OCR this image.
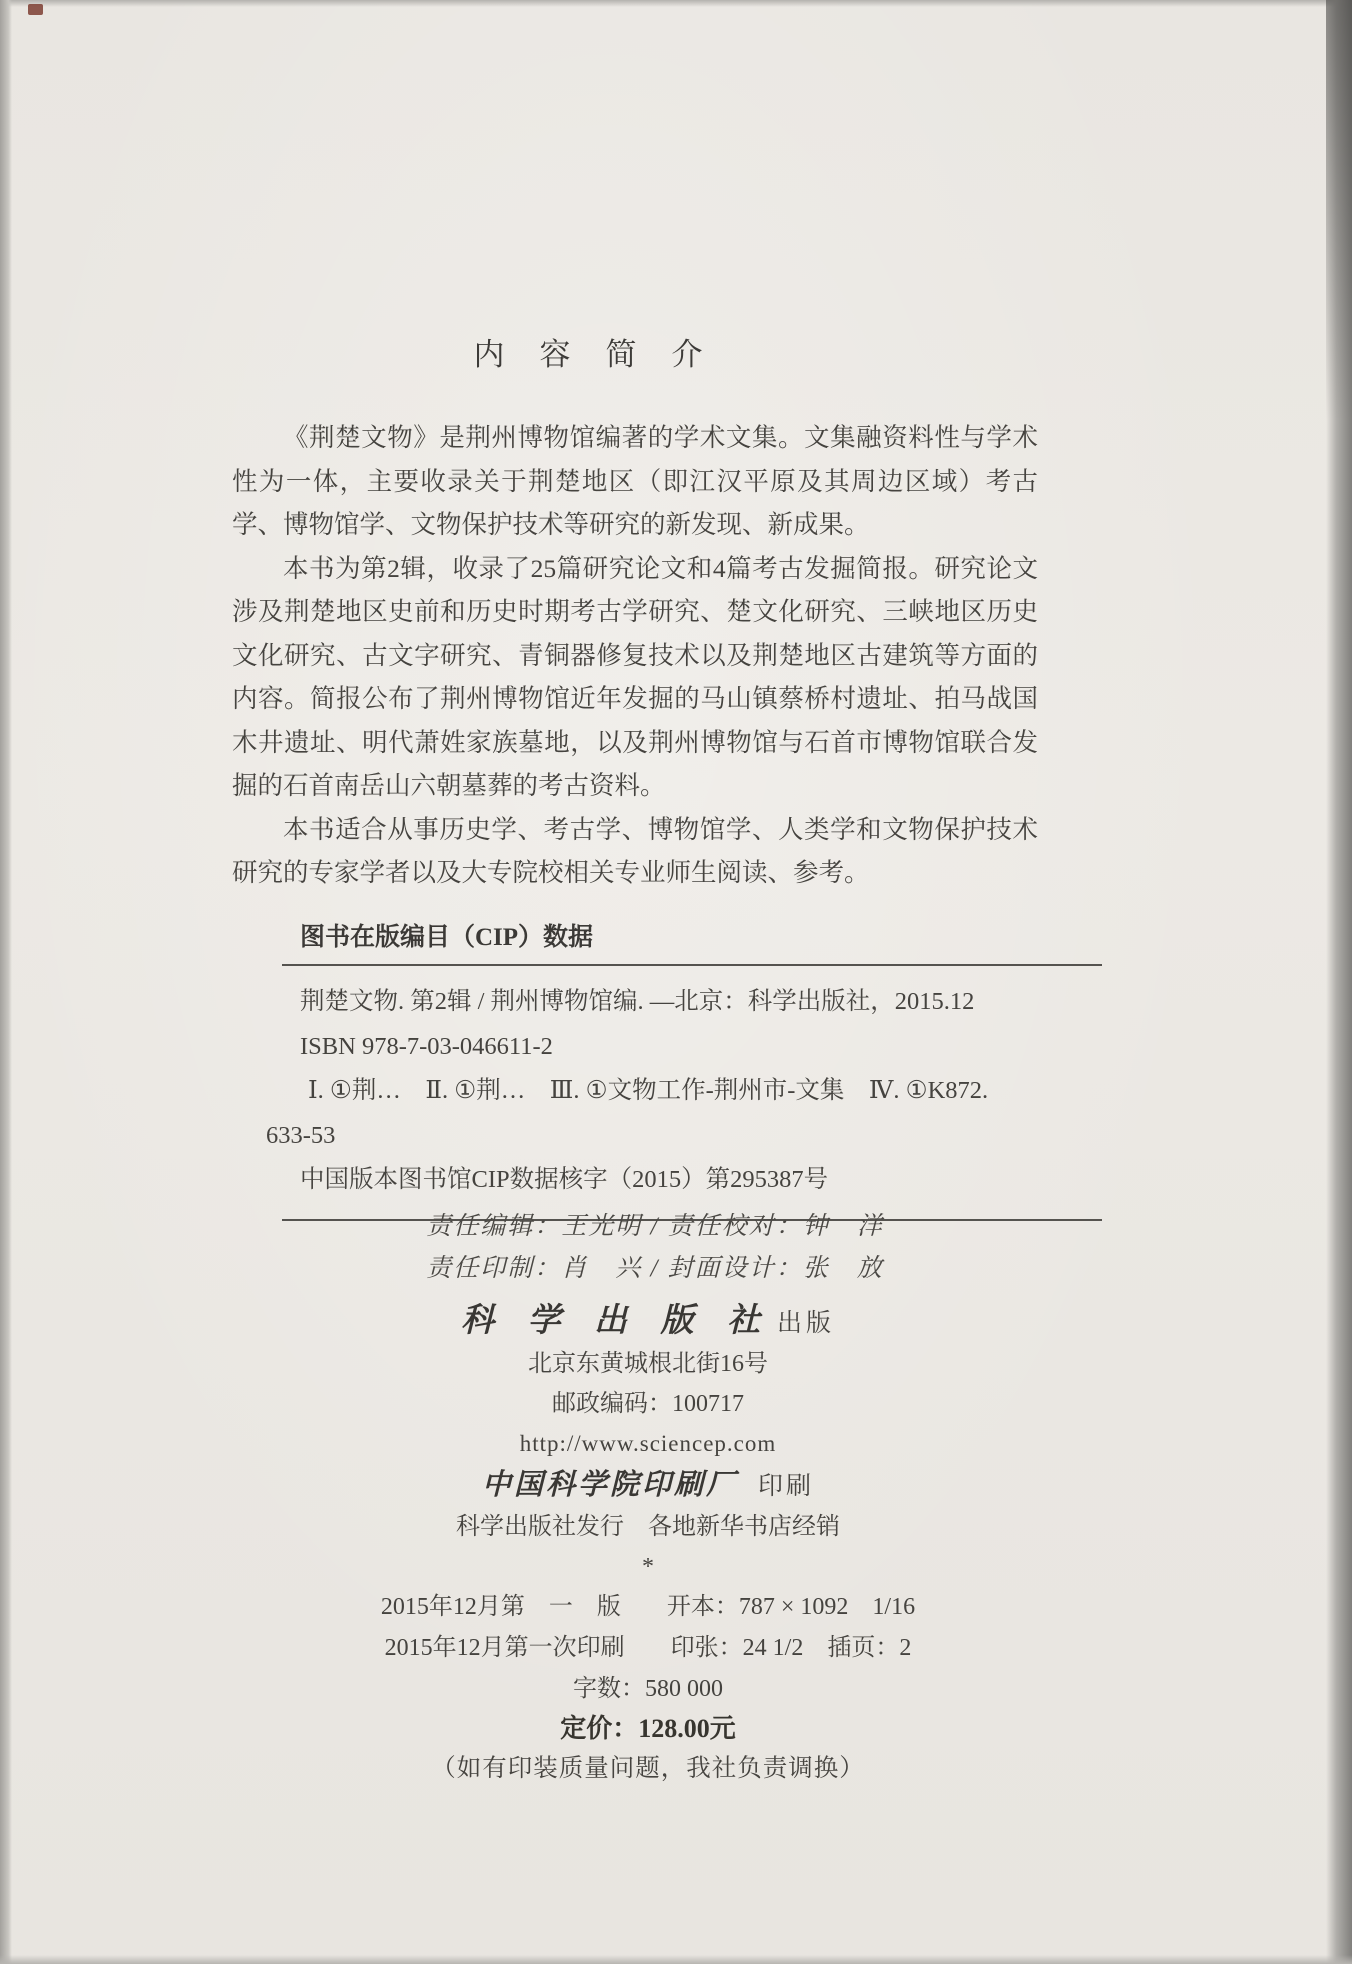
内　容　简　介

《荆楚文物》是荆州博物馆编著的学术文集。文集融资料性与学术性为一体，主要收录关于荆楚地区（即江汉平原及其周边区域）考古学、博物馆学、文物保护技术等研究的新发现、新成果。

本书为第2辑，收录了25篇研究论文和4篇考古发掘简报。研究论文涉及荆楚地区史前和历史时期考古学研究、楚文化研究、三峡地区历史文化研究、古文字研究、青铜器修复技术以及荆楚地区古建筑等方面的内容。简报公布了荆州博物馆近年发掘的马山镇蔡桥村遗址、拍马战国木井遗址、明代萧姓家族墓地，以及荆州博物馆与石首市博物馆联合发掘的石首南岳山六朝墓葬的考古资料。

本书适合从事历史学、考古学、博物馆学、人类学和文物保护技术研究的专家学者以及大专院校相关专业师生阅读、参考。

图书在版编目（CIP）数据
荆楚文物. 第2辑 / 荆州博物馆编. —北京：科学出版社，2015.12
ISBN 978-7-03-046611-2
Ⅰ. ①荆…　Ⅱ. ①荆…　Ⅲ. ①文物工作-荆州市-文集　Ⅳ. ①K872.
633-53
中国版本图书馆CIP数据核字（2015）第295387号
责任编辑：王光明 / 责任校对：钟　洋
责任印制：肖　兴 / 封面设计：张　放
科 学 出 版 社 出版
北京东黄城根北街16号
邮政编码：100717
http://www.sciencep.com
中国科学院印刷厂 印刷
科学出版社发行　各地新华书店经销
*
2015年12月第　一　版 开本：787 × 1092　1/16
2015年12月第一次印刷 印张：24 1/2　插页：2
字数：580 000
定价：128.00元
（如有印装质量问题，我社负责调换）
